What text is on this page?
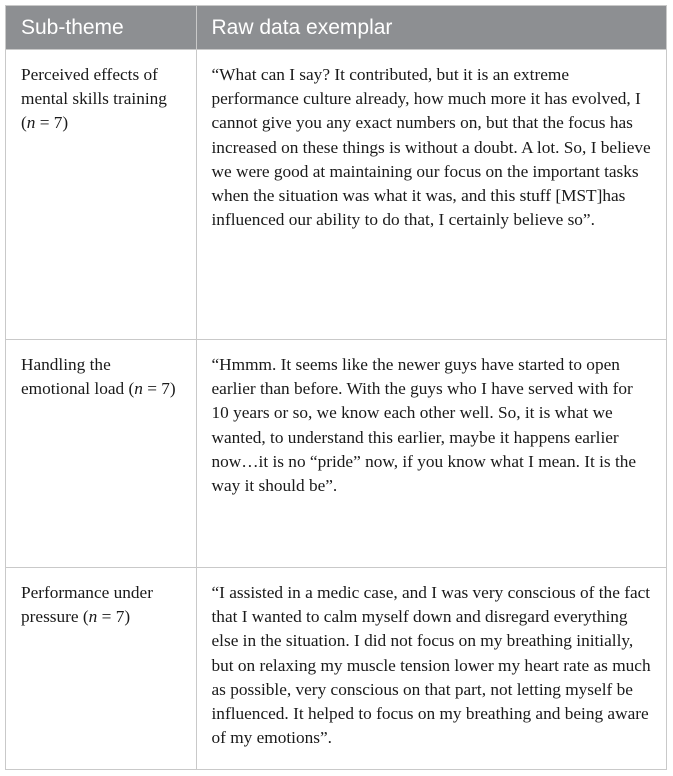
Sub-theme	Raw data exemplar
Perceived effects of mental skills training (n = 7)	“What can I say? It contributed, but it is an extreme performance culture already, how much more it has evolved, I cannot give you any exact numbers on, but that the focus has increased on these things is without a doubt. A lot. So, I believe we were good at maintaining our focus on the important tasks when the situation was what it was, and this stuff [MST]has influenced our ability to do that, I certainly believe so”.
Handling the emotional load (n = 7)	“Hmmm. It seems like the newer guys have started to open earlier than before. With the guys who I have served with for 10 years or so, we know each other well. So, it is what we wanted, to understand this earlier, maybe it happens earlier now…it is no “pride” now, if you know what I mean. It is the way it should be”.
Performance under pressure (n = 7)	“I assisted in a medic case, and I was very conscious of the fact that I wanted to calm myself down and disregard everything else in the situation. I did not focus on my breathing initially, but on relaxing my muscle tension lower my heart rate as much as possible, very conscious on that part, not letting myself be influenced. It helped to focus on my breathing and being aware of my emotions”.
